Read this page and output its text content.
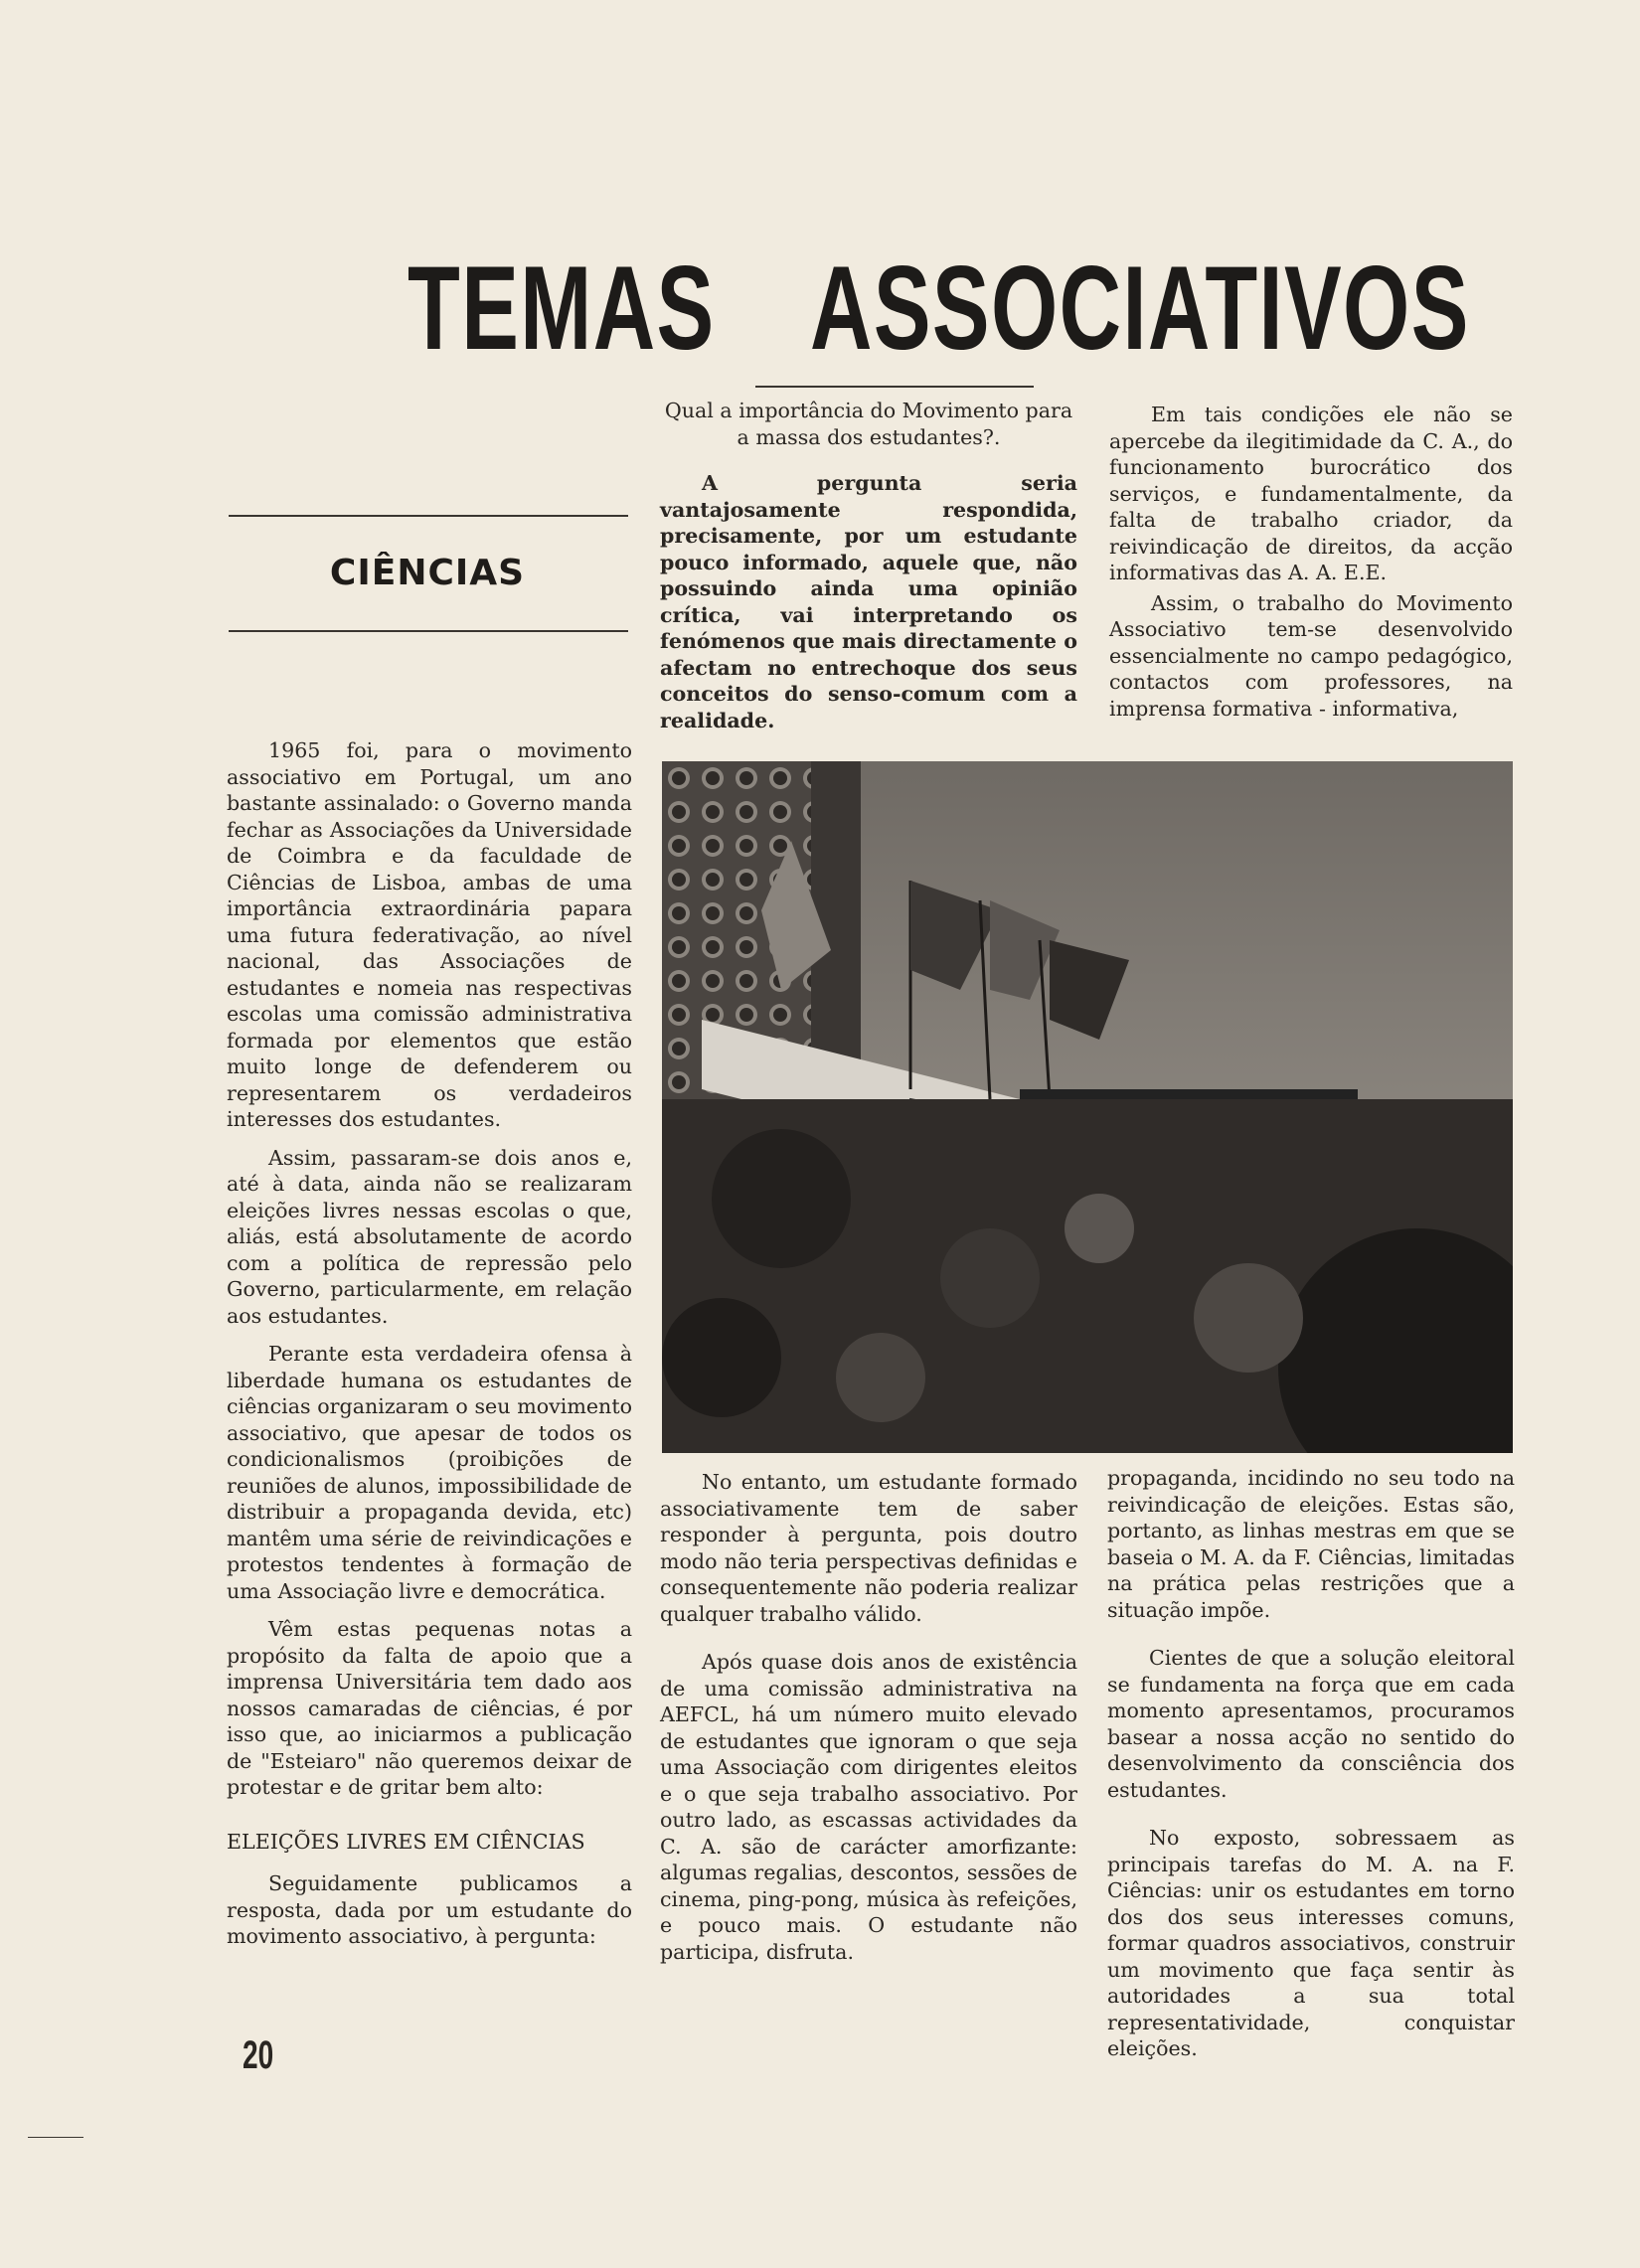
TEMAS ASSOCIATIVOS
CIÊNCIAS

1965 foi, para o movimento associativo em Portugal, um ano bastante assinalado: o Governo manda fechar as Associações da Universidade de Coimbra e da faculdade de Ciências de Lisboa, ambas de uma importância extraordinária papara uma futura federativação, ao nível nacional, das Associações de estudantes e nomeia nas respectivas escolas uma comissão administrativa formada por elementos que estão muito longe de defenderem ou representarem os verdadeiros interesses dos estudantes.

Assim, passaram-se dois anos e, até à data, ainda não se realizaram eleições livres nessas escolas o que, aliás, está absolutamente de acordo com a política de repressão pelo Governo, particularmente, em relação aos estudantes.

Perante esta verdadeira ofensa à liberdade humana os estudantes de ciências organizaram o seu movimento associativo, que apesar de todos os condicionalismos (proibições de reuniões de alunos, impossibilidade de distribuir a propaganda devida, etc) mantêm uma série de reivindicações e protestos tendentes à formação de uma Associação livre e democrática.

Vêm estas pequenas notas a propósito da falta de apoio que a imprensa Universitária tem dado aos nossos camaradas de ciências, é por isso que, ao iniciarmos a publicação de "Esteiaro" não queremos deixar de protestar e de gritar bem alto:

ELEIÇÕES LIVRES EM CIÊNCIAS

Seguidamente publicamos a resposta, dada por um estudante do movimento associativo, à pergunta:

Qual a importância do Movimento para a massa dos estudantes?.

A pergunta seria vantajosamente respondida, precisamente, por um estudante pouco informado, aquele que, não possuindo ainda uma opinião crítica, vai interpretando os fenómenos que mais directamente o afectam no entrechoque dos seus conceitos do senso-comum com a realidade.

Em tais condições ele não se apercebe da ilegitimidade da C. A., do funcionamento burocrático dos serviços, e fundamentalmente, da falta de trabalho criador, da reivindicação de direitos, da acção informativas das A. A. E.E.

Assim, o trabalho do Movimento Associativo tem-se desenvolvido essencialmente no campo pedagógico, contactos com professores, na imprensa formativa - informativa,

No entanto, um estudante formado associativamente tem de saber responder à pergunta, pois doutro modo não teria perspectivas definidas e consequentemente não poderia realizar qualquer trabalho válido.

Após quase dois anos de existência de uma comissão administrativa na AEFCL, há um número muito elevado de estudantes que ignoram o que seja uma Associação com dirigentes eleitos e o que seja trabalho associativo. Por outro lado, as escassas actividades da C. A. são de carácter amorfizante: algumas regalias, descontos, sessões de cinema, ping-pong, música às refeições, e pouco mais. O estudante não participa, disfruta.

propaganda, incidindo no seu todo na reivindicação de eleições. Estas são, portanto, as linhas mestras em que se baseia o M. A. da F. Ciências, limitadas na prática pelas restrições que a situação impõe.

Cientes de que a solução eleitoral se fundamenta na força que em cada momento apresentamos, procuramos basear a nossa acção no sentido do desenvolvimento da consciência dos estudantes.

No exposto, sobressaem as principais tarefas do M. A. na F. Ciências: unir os estudantes em torno dos dos seus interesses comuns, formar quadros associativos, construir um movimento que faça sentir às autoridades a sua total representatividade, conquistar eleições.

20
